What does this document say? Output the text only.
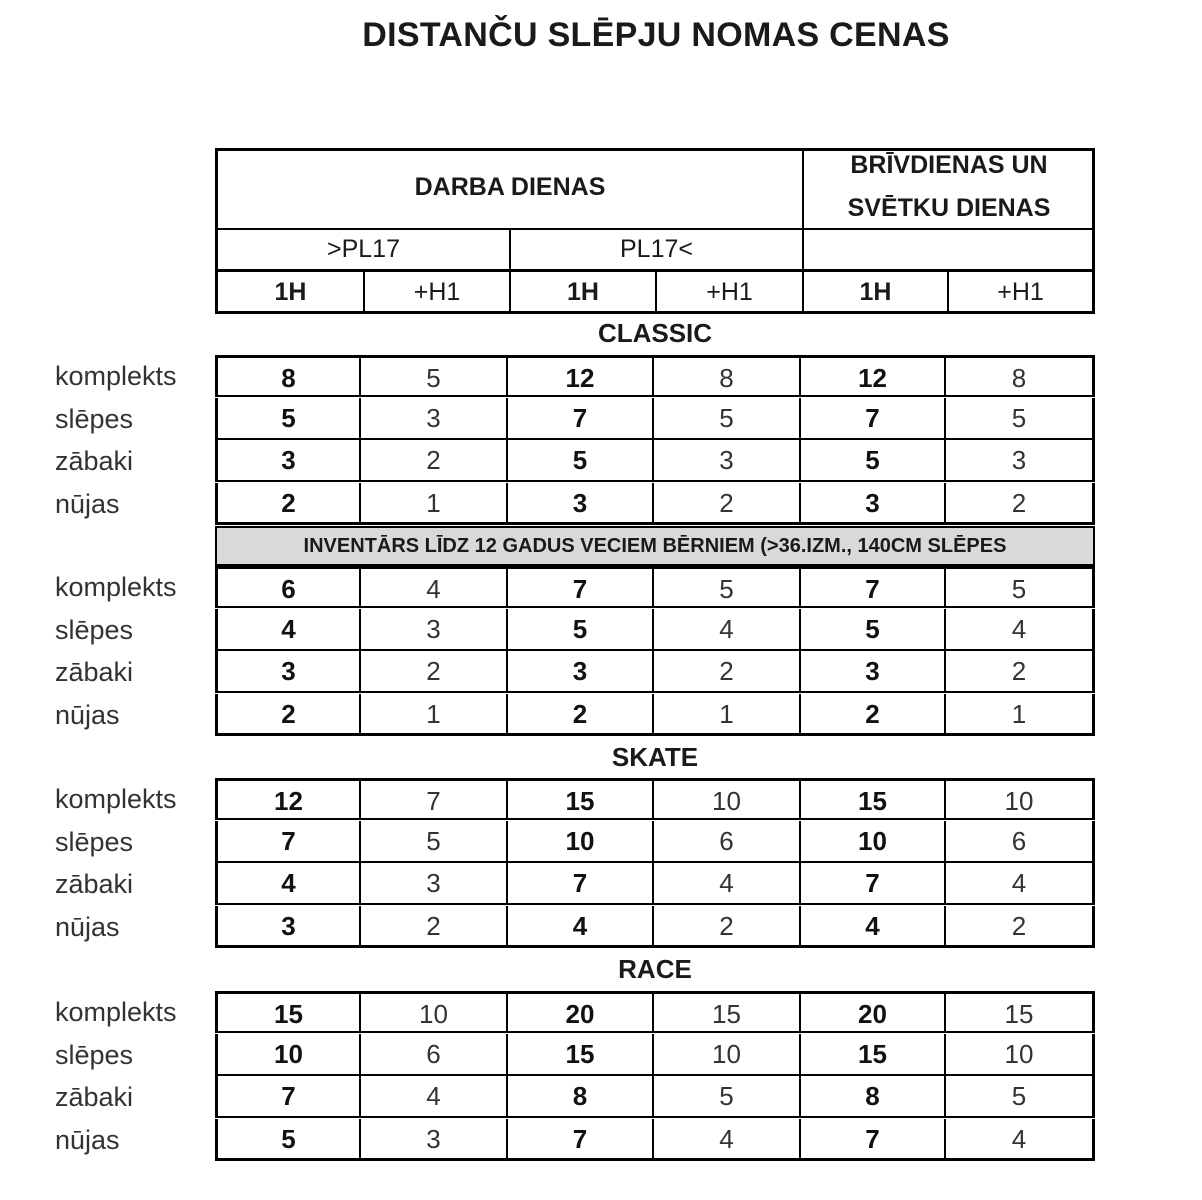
DISTANČU SLĒPJU NOMAS CENAS
DARBA DIENAS
BRĪVDIENAS UN
SVĒTKU DIENAS
>PL17	PL17<
1H	+H1	1H	+H1	1H	+H1
CLASSIC
komplekts	8	5	12	8	12	8
slēpes	5	3	7	5	7	5
zābaki	3	2	5	3	5	3
nūjas	2	1	3	2	3	2
INVENTĀRS LĪDZ 12 GADUS VECIEM BĒRNIEM (>36.IZM., 140CM SLĒPES
komplekts	6	4	7	5	7	5
slēpes	4	3	5	4	5	4
zābaki	3	2	3	2	3	2
nūjas	2	1	2	1	2	1
SKATE
komplekts	12	7	15	10	15	10
slēpes	7	5	10	6	10	6
zābaki	4	3	7	4	7	4
nūjas	3	2	4	2	4	2
RACE
komplekts	15	10	20	15	20	15
slēpes	10	6	15	10	15	10
zābaki	7	4	8	5	8	5
nūjas	5	3	7	4	7	4
